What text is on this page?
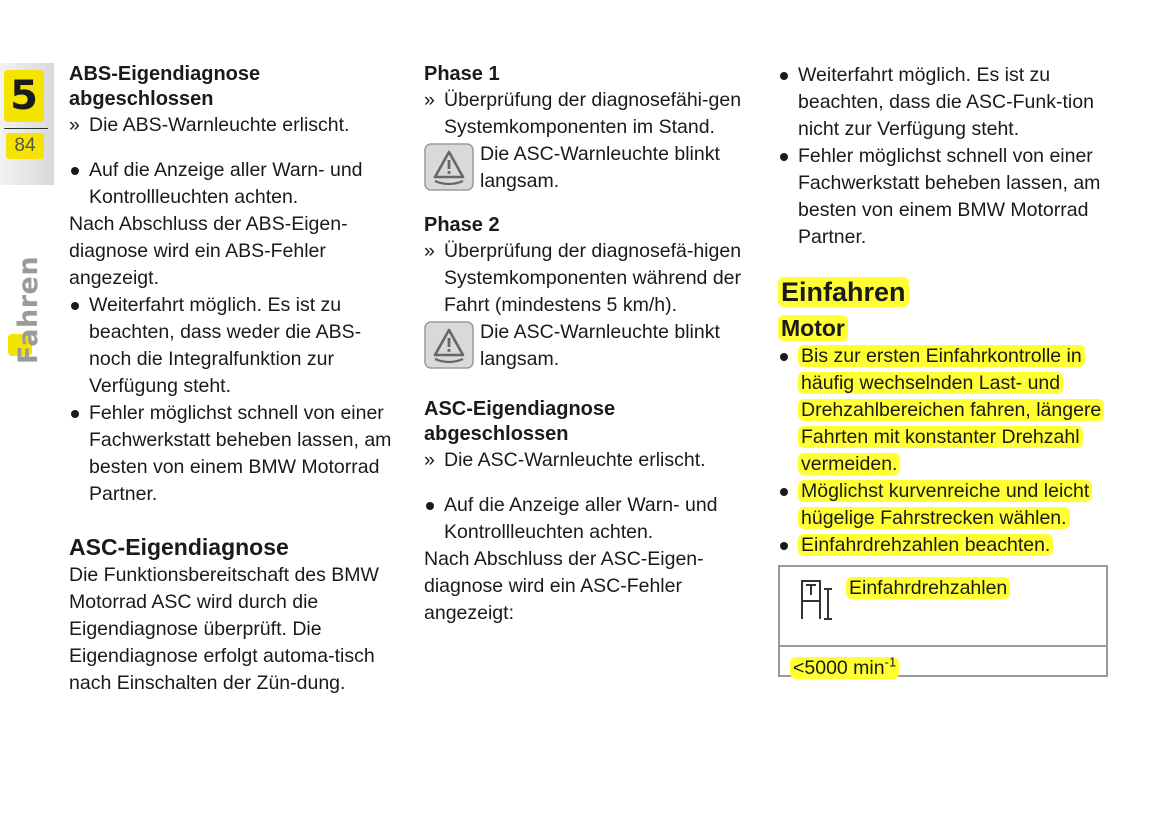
5
84
Fahren

ABS-Eigendiagnose abgeschlossen

» Die ABS-Warnleuchte erlischt.
Auf die Anzeige aller Warn- und Kontrollleuchten achten.

Nach Abschluss der ABS-Eigen-diagnose wird ein ABS-Fehler angezeigt.

Weiterfahrt möglich. Es ist zu beachten, dass weder die ABS- noch die Integralfunktion zur Verfügung steht.
Fehler möglichst schnell von einer Fachwerkstatt beheben lassen, am besten von einem BMW Motorrad Partner.

ASC-Eigendiagnose

Die Funktionsbereitschaft des BMW Motorrad ASC wird durch die Eigendiagnose überprüft. Die Eigendiagnose erfolgt automa-tisch nach Einschalten der Zün-dung.

Phase 1

» Überprüfung der diagnosefähi-gen Systemkomponenten im Stand.
Die ASC-Warnleuchte blinkt langsam.

Phase 2

» Überprüfung der diagnosefä-higen Systemkomponenten während der Fahrt (mindestens 5 km/h).
Die ASC-Warnleuchte blinkt langsam.

ASC-Eigendiagnose abgeschlossen

» Die ASC-Warnleuchte erlischt.
Auf die Anzeige aller Warn- und Kontrollleuchten achten.

Nach Abschluss der ASC-Eigen-diagnose wird ein ASC-Fehler angezeigt:

Weiterfahrt möglich. Es ist zu beachten, dass die ASC-Funk-tion nicht zur Verfügung steht.
Fehler möglichst schnell von einer Fachwerkstatt beheben lassen, am besten von einem BMW Motorrad Partner.

Einfahren

Motor

Bis zur ersten Einfahrkontrolle in häufig wechselnden Last- und Drehzahlbereichen fahren, längere Fahrten mit konstanter Drehzahl vermeiden.
Möglichst kurvenreiche und leicht hügelige Fahrstrecken wählen.
Einfahrdrehzahlen beachten.
Einfahrdrehzahlen
<5000 $\min^{-1}$
